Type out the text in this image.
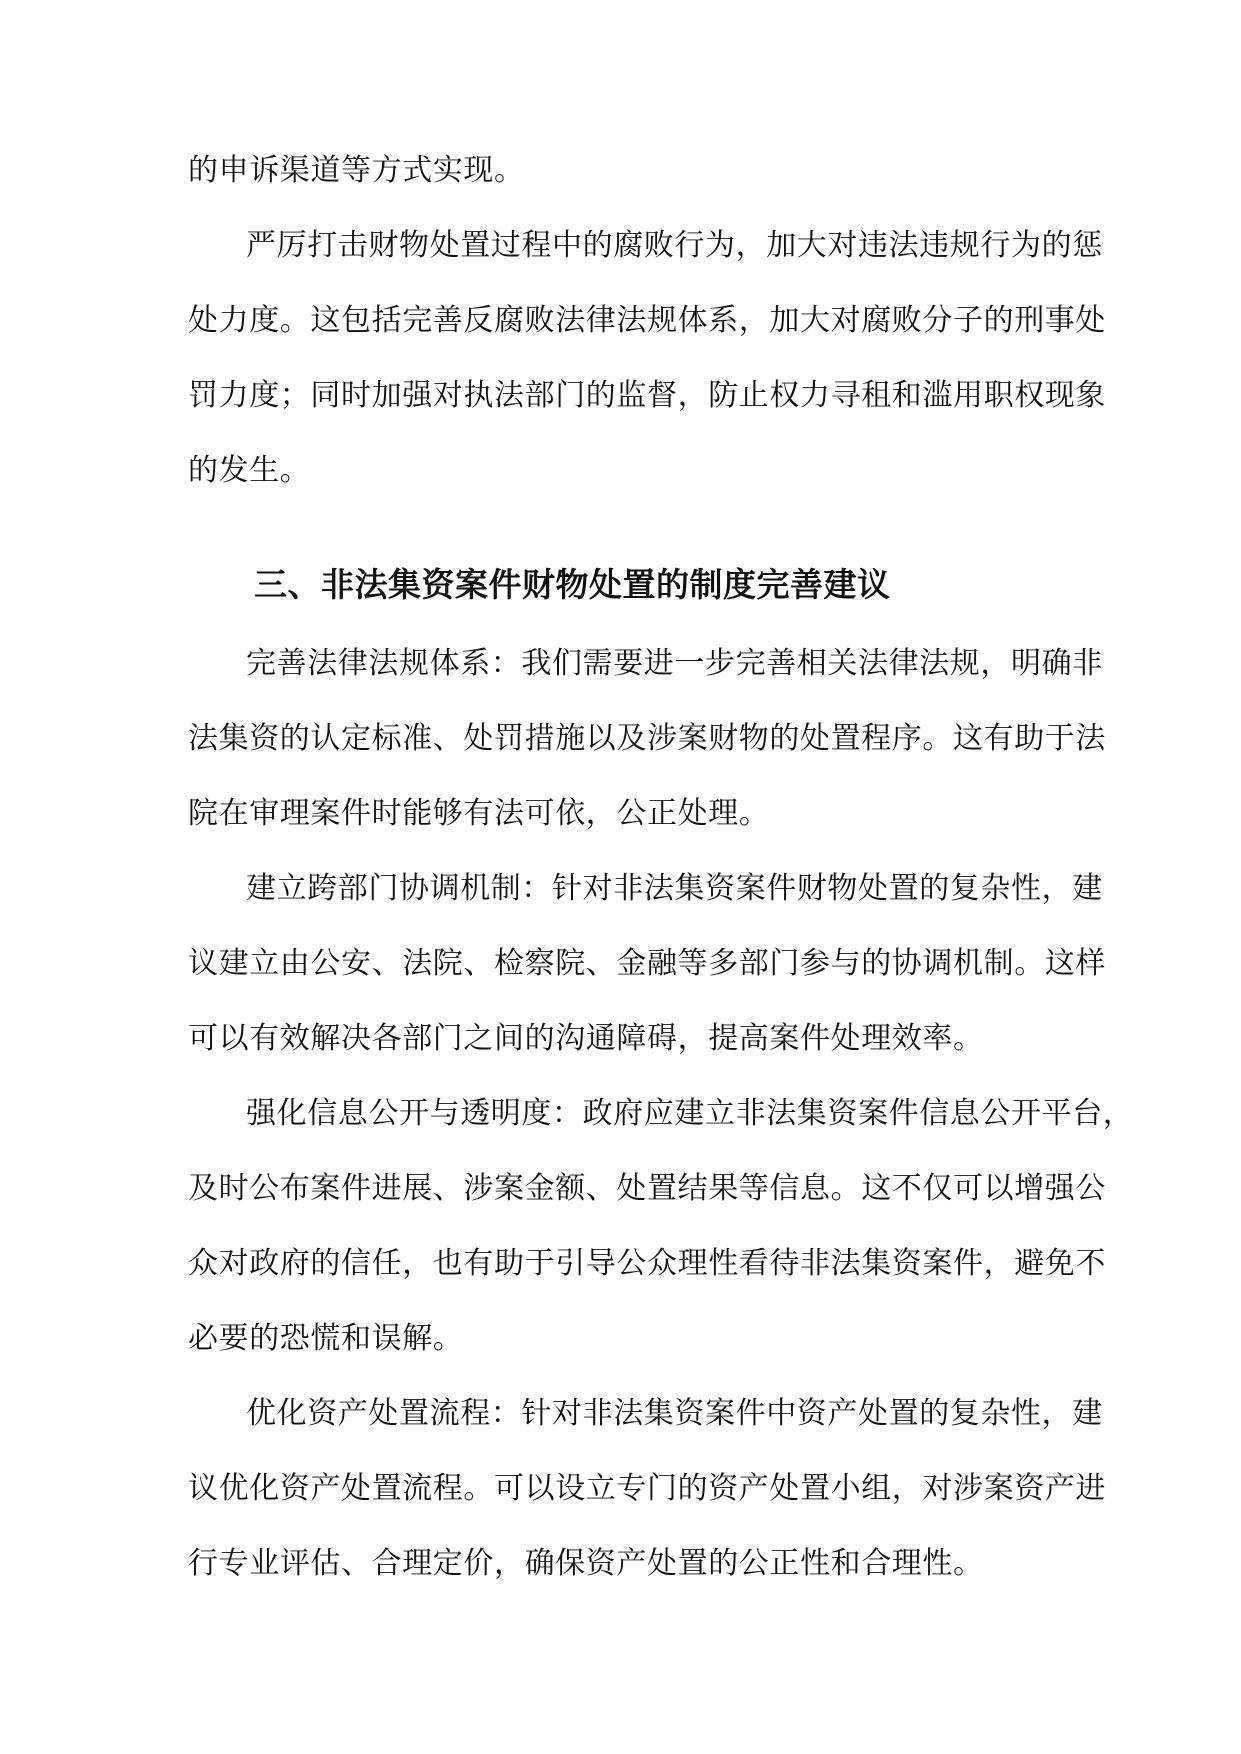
的申诉渠道等方式实现。
严厉打击财物处置过程中的腐败行为，加大对违法违规行为的惩
处力度。这包括完善反腐败法律法规体系，加大对腐败分子的刑事处
罚力度；同时加强对执法部门的监督，防止权力寻租和滥用职权现象
的发生。
三、非法集资案件财物处置的制度完善建议
完善法律法规体系：我们需要进一步完善相关法律法规，明确非
法集资的认定标准、处罚措施以及涉案财物的处置程序。这有助于法
院在审理案件时能够有法可依，公正处理。
建立跨部门协调机制：针对非法集资案件财物处置的复杂性，建
议建立由公安、法院、检察院、金融等多部门参与的协调机制。这样
可以有效解决各部门之间的沟通障碍，提高案件处理效率。
强化信息公开与透明度：政府应建立非法集资案件信息公开平台，
及时公布案件进展、涉案金额、处置结果等信息。这不仅可以增强公
众对政府的信任，也有助于引导公众理性看待非法集资案件，避免不
必要的恐慌和误解。
优化资产处置流程：针对非法集资案件中资产处置的复杂性，建
议优化资产处置流程。可以设立专门的资产处置小组，对涉案资产进
行专业评估、合理定价，确保资产处置的公正性和合理性。
